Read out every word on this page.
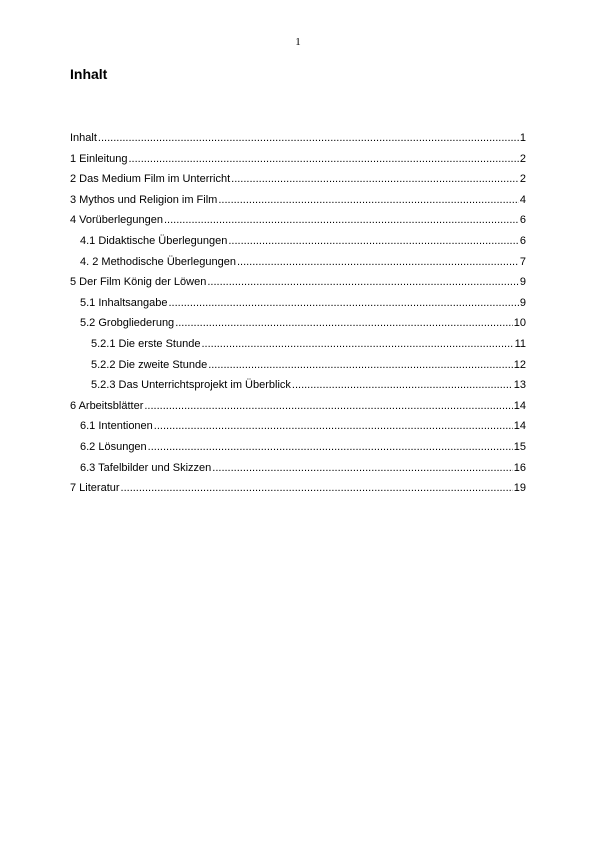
1
Inhalt
Inhalt .....	1
1 Einleitung .....	2
2 Das Medium Film im Unterricht .....	2
3 Mythos und Religion im Film .....	4
4 Vorüberlegungen .....	6
4.1 Didaktische Überlegungen .....	6
4. 2 Methodische Überlegungen .....	7
5 Der Film König der Löwen .....	9
5.1 Inhaltsangabe .....	9
5.2 Grobgliederung .....	10
5.2.1 Die erste Stunde .....	11
5.2.2 Die zweite Stunde .....	12
5.2.3 Das Unterrichtsprojekt im Überblick .....	13
6 Arbeitsblätter .....	14
6.1 Intentionen .....	14
6.2 Lösungen .....	15
6.3 Tafelbilder und Skizzen .....	16
7 Literatur .....	19
